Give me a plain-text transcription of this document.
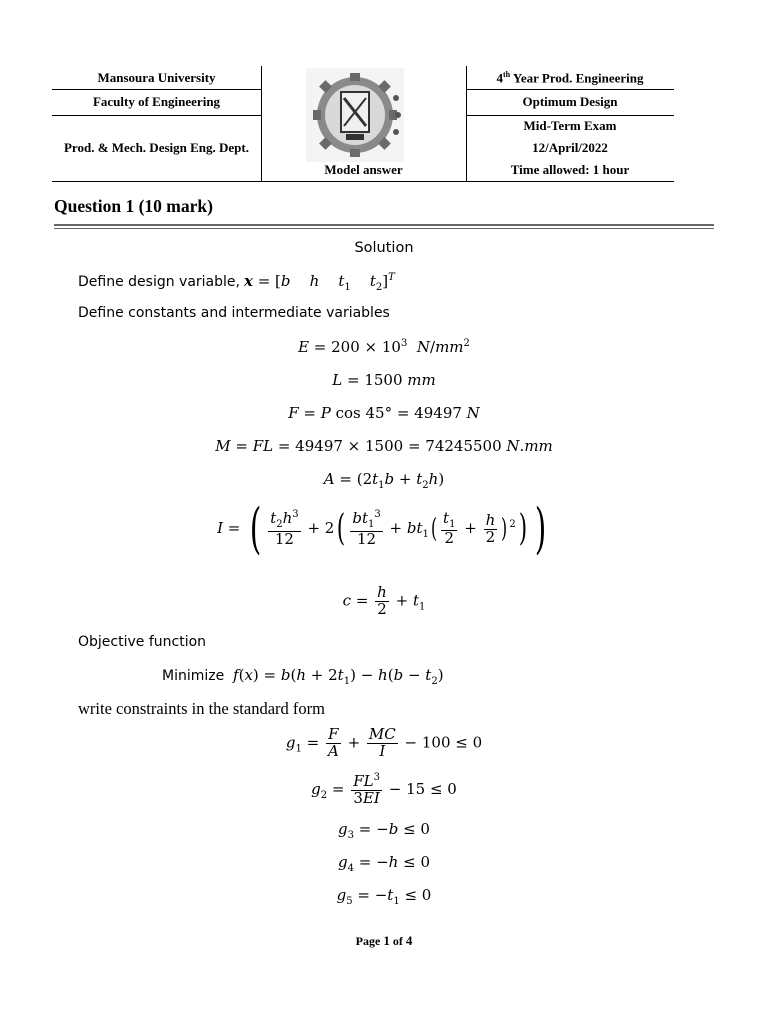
Mansoura University
Faculty of Engineering
Prod. & Mech. Design Eng. Dept.
Model answer
4th Year Prod. Engineering
Optimum Design
Mid-Term Exam
12/April/2022
Time allowed: 1 hour
Question 1 (10 mark)
Solution
Define design variable, x = [b h $t_1$ $t_2]^T$
Define constants and intermediate variables
$E = 200 \times 10^3$ $N/mm^2$
L = 1500 mm
F = P cos 45° = 49497 N
M = FL = 49497 × 1500 = 74245500 N.mm
$A = (2t_1b + t_2h)$
I = ( $\frac{t_2h^3}{12} + 2( \frac{bt_1^3}{12} + bt_1( \frac{t_1}{2} + \frac{h}{2}$ ) $^2$) )
$c = \frac{h}{2} + t_1$
Objective function
Minimize $f(x) = b(h + 2t_1) - h(b - t_2)$
write constraints in the standard form
$g_1 = \frac{F}{A} + \frac{MC}{I} - 100 \le 0$
$g_2 = \frac{FL^3}{3EI} - 15 \le 0$
$g_3 = -b \le 0$
$g_4 = -h \le 0$
$g_5 = -t_1 \le 0$
Page 1 of 4
